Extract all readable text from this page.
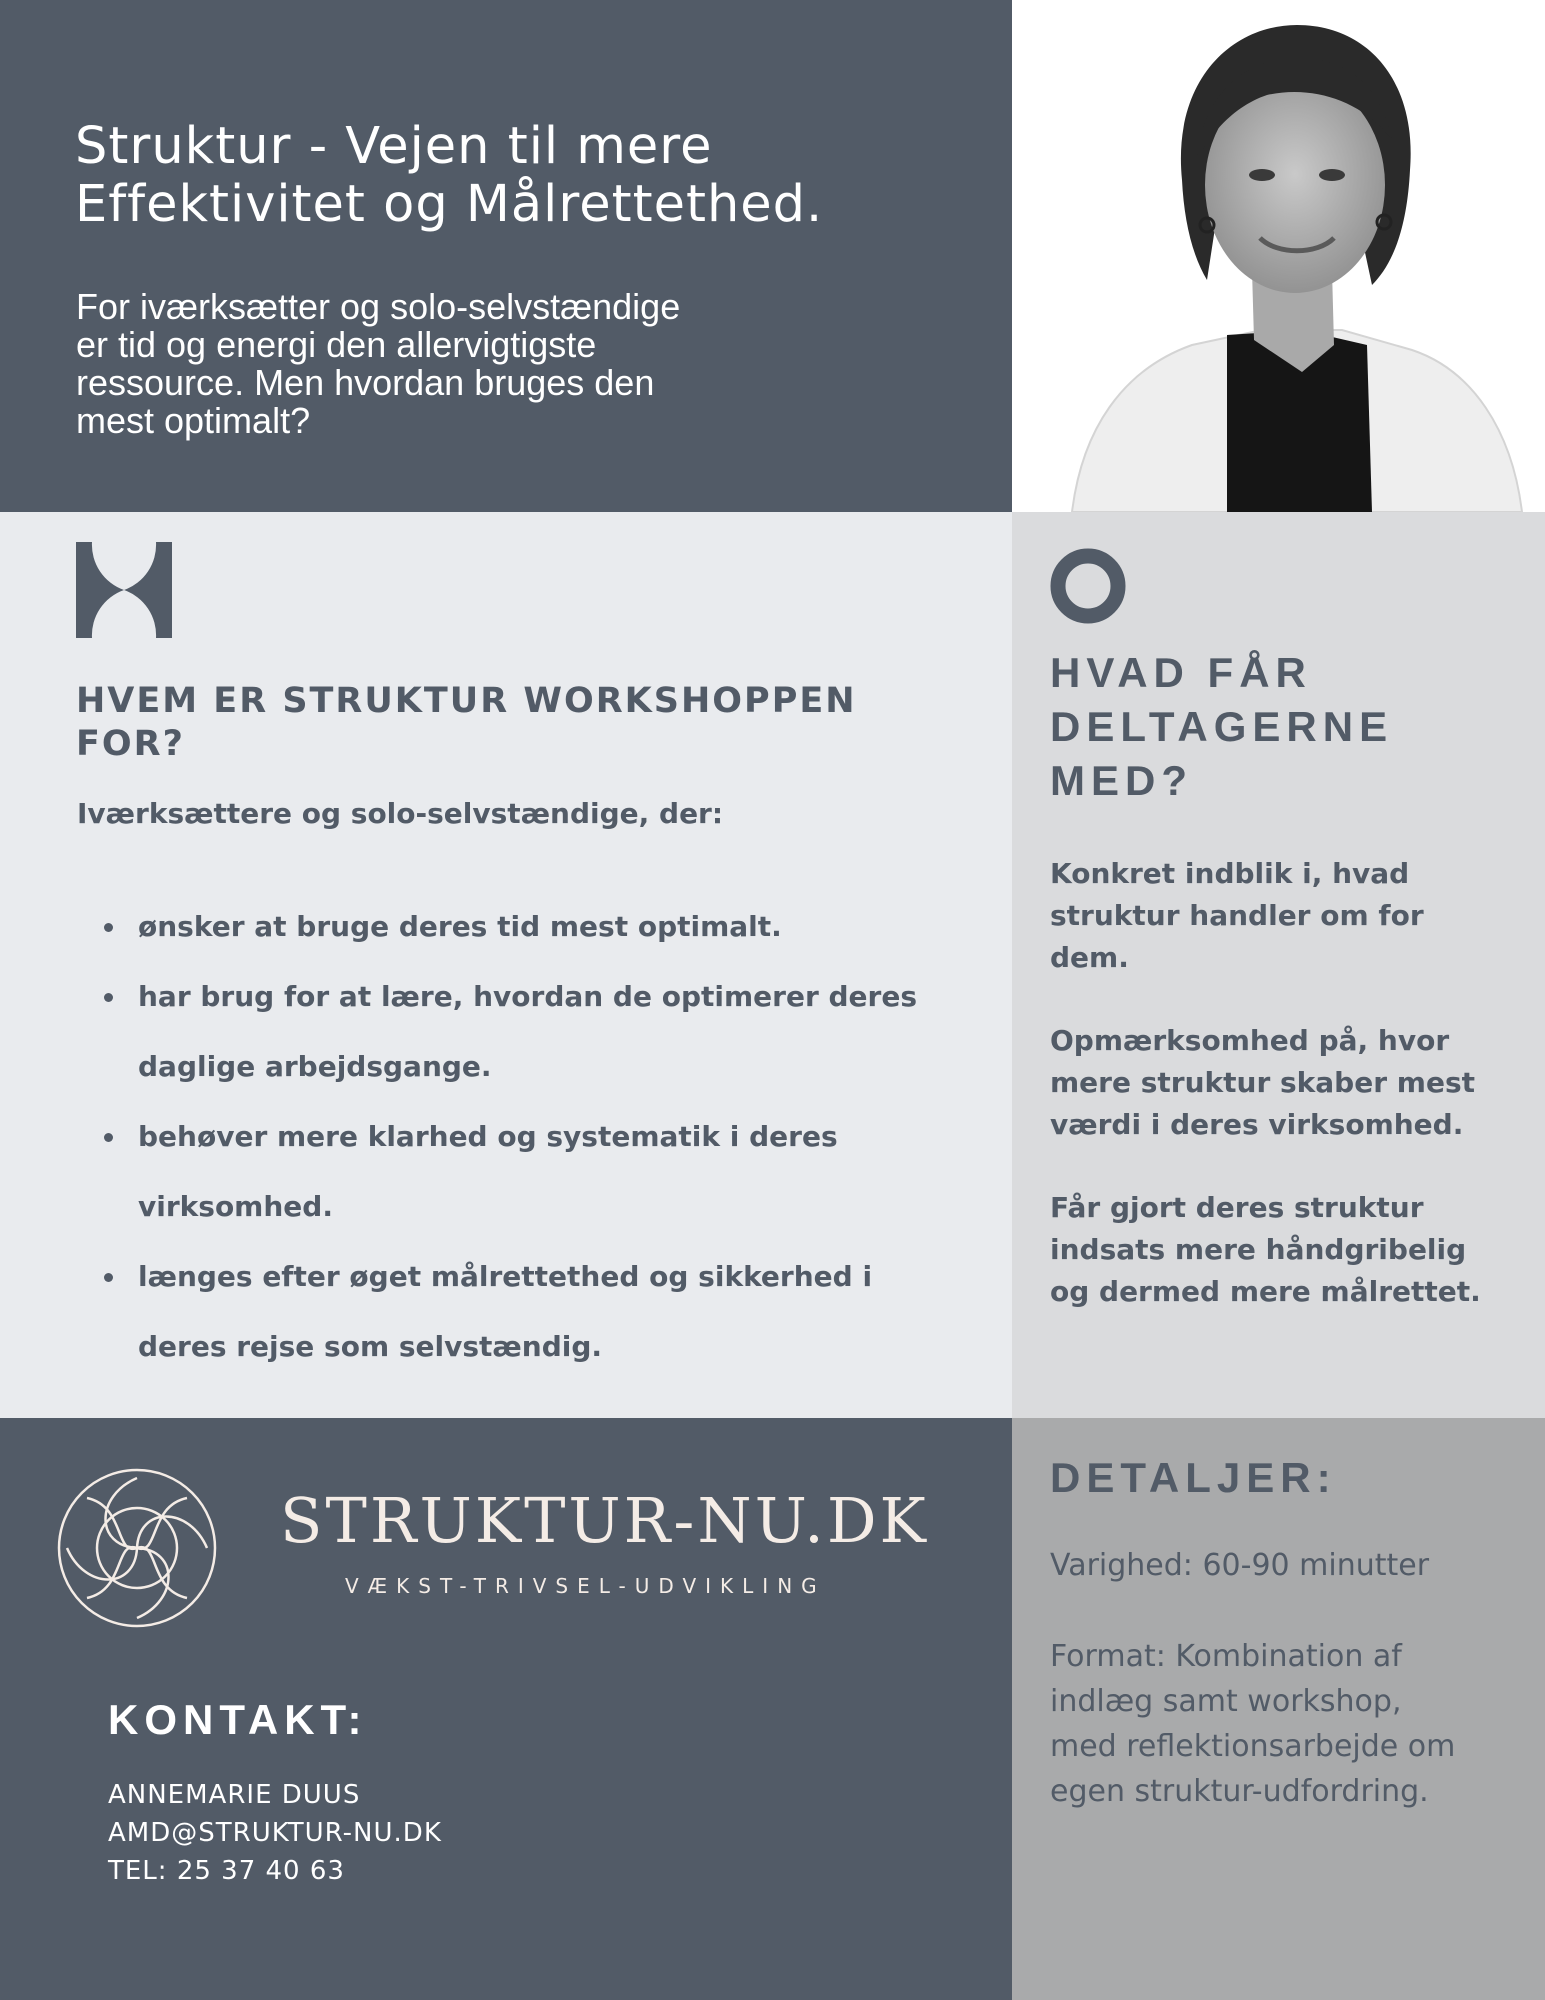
Struktur - Vejen til mere
Effektivitet og Målrettethed.

For iværksætter og solo-selvstændige
er tid og energi den allervigtigste
ressource. Men hvordan bruges den
mest optimalt?

HVEM ER STRUKTUR WORKSHOPPEN
FOR?

Iværksættere og solo-selvstændige, der:

ønsker at bruge deres tid mest optimalt.
har brug for at lære, hvordan de optimerer deres
daglige arbejdsgange.
behøver mere klarhed og systematik i deres
virksomhed.
længes efter øget målrettethed og sikkerhed i
deres rejse som selvstændig.
HVAD FÅR
DELTAGERNE
MED?

Konkret indblik i, hvad
struktur handler om for
dem.

Opmærksomhed på, hvor
mere struktur skaber mest
værdi i deres virksomhed.

Får gjort deres struktur
indsats mere håndgribelig
og dermed mere målrettet.

STRUKTUR-NU.DK

VÆKST-TRIVSEL-UDVIKLING

KONTAKT:
ANNEMARIE DUUS
AMD@STRUKTUR-NU.DK
TEL: 25 37 40 63
DETALJER:

Varighed: 60-90 minutter

Format: Kombination af
indlæg samt workshop,
med reflektionsarbejde om
egen struktur-udfordring.
